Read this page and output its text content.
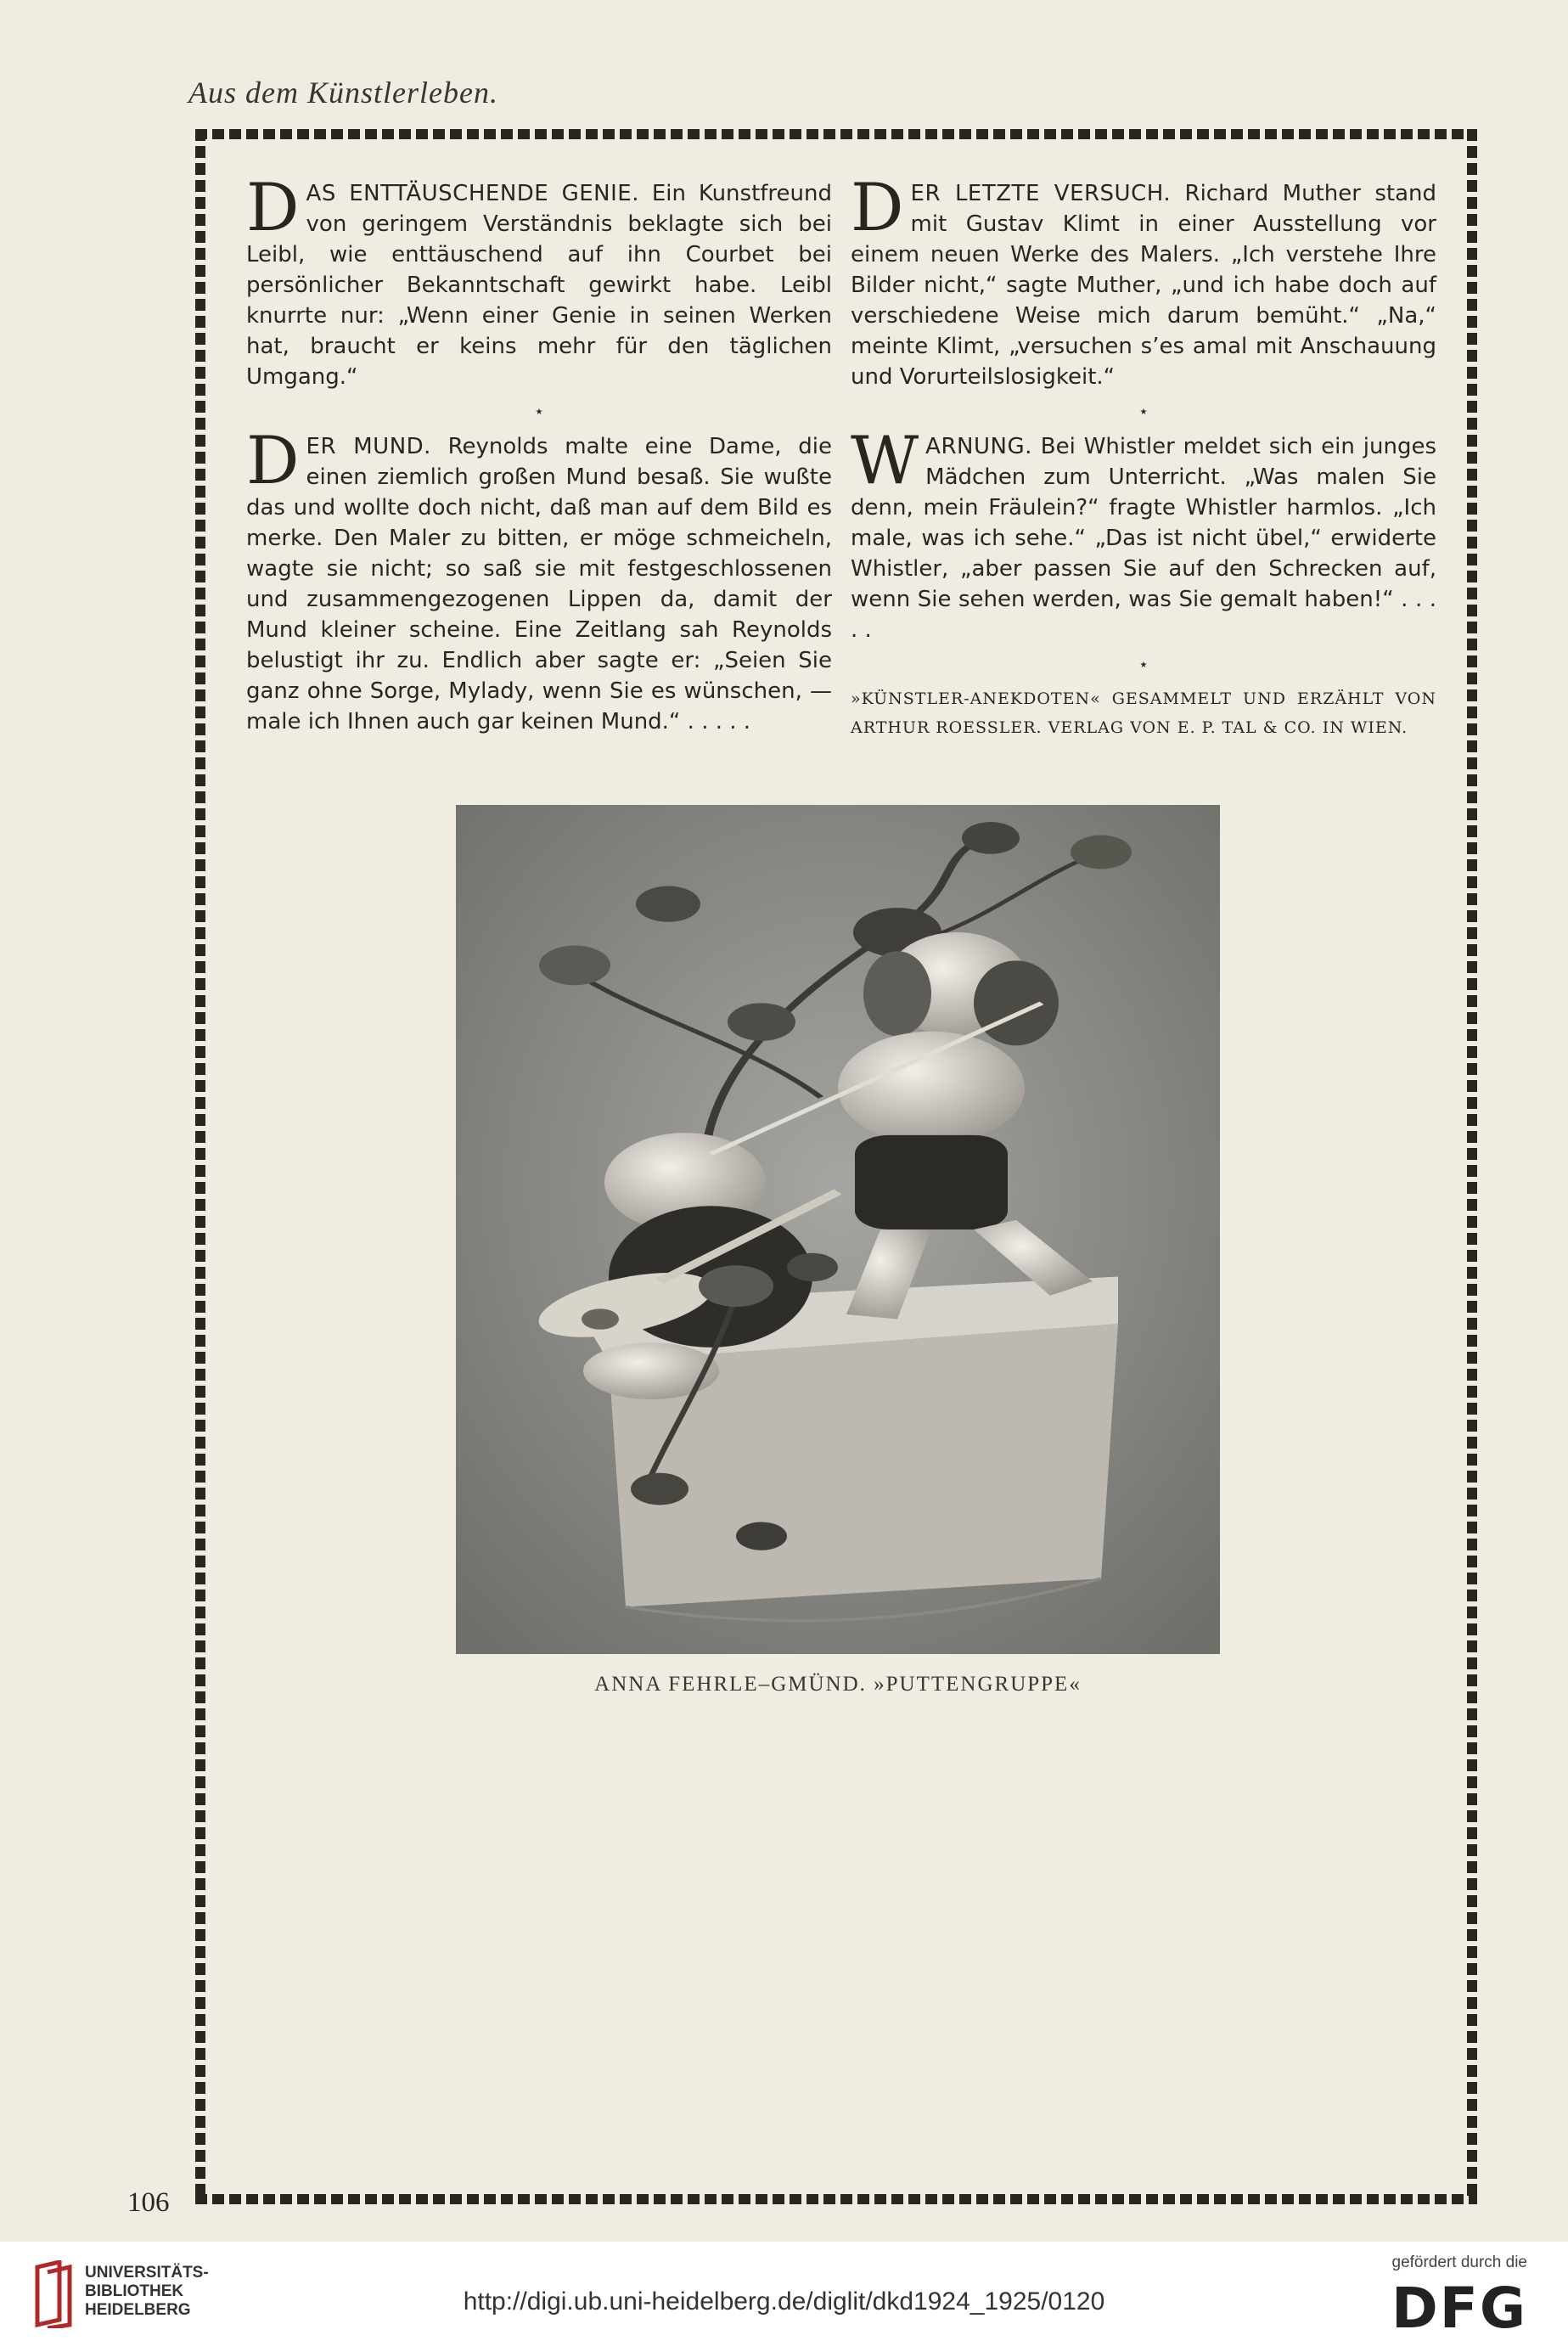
Aus dem Künstlerleben.

D AS ENTTÄUSCHENDE GENIE. Ein Kunstfreund von geringem Verständnis beklagte sich bei Leibl, wie enttäuschend auf ihn Courbet bei persönlicher Bekanntschaft gewirkt habe. Leibl knurrte nur: „Wenn einer Genie in seinen Werken hat, braucht er keins mehr für den täglichen Umgang.“

⋆

D ER MUND. Reynolds malte eine Dame, die einen ziemlich großen Mund besaß. Sie wußte das und wollte doch nicht, daß man auf dem Bild es merke. Den Maler zu bitten, er möge schmeicheln, wagte sie nicht; so saß sie mit festgeschlossenen und zusammengezogenen Lippen da, damit der Mund kleiner scheine. Eine Zeitlang sah Reynolds belustigt ihr zu. Endlich aber sagte er: „Seien Sie ganz ohne Sorge, Mylady, wenn Sie es wünschen, — male ich Ihnen auch gar keinen Mund.“ . . . . .

D ER LETZTE VERSUCH. Richard Muther stand mit Gustav Klimt in einer Ausstellung vor einem neuen Werke des Malers. „Ich verstehe Ihre Bilder nicht,“ sagte Muther, „und ich habe doch auf verschiedene Weise mich darum bemüht.“ „Na,“ meinte Klimt, „versuchen s’es amal mit Anschauung und Vorurteilslosigkeit.“

⋆

W ARNUNG. Bei Whistler meldet sich ein junges Mädchen zum Unterricht. „Was malen Sie denn, mein Fräulein?“ fragte Whistler harmlos. „Ich male, was ich sehe.“ „Das ist nicht übel,“ erwiderte Whistler, „aber passen Sie auf den Schrecken auf, wenn Sie sehen werden, was Sie gemalt haben!“ . . . . .

⋆
»KÜNSTLER-ANEKDOTEN« GESAMMELT UND ERZÄHLT VON ARTHUR ROESSLER. VERLAG VON E. P. TAL & CO. IN WIEN.
ANNA FEHRLE–GMÜND. »PUTTENGRUPPE«
UNIVERSITÄTS-
BIBLIOTHEK
HEIDELBERG	http://digi.ub.uni-heidelberg.de/diglit/dkd1924_1925/0120
gefördert durch die
DFG
106
